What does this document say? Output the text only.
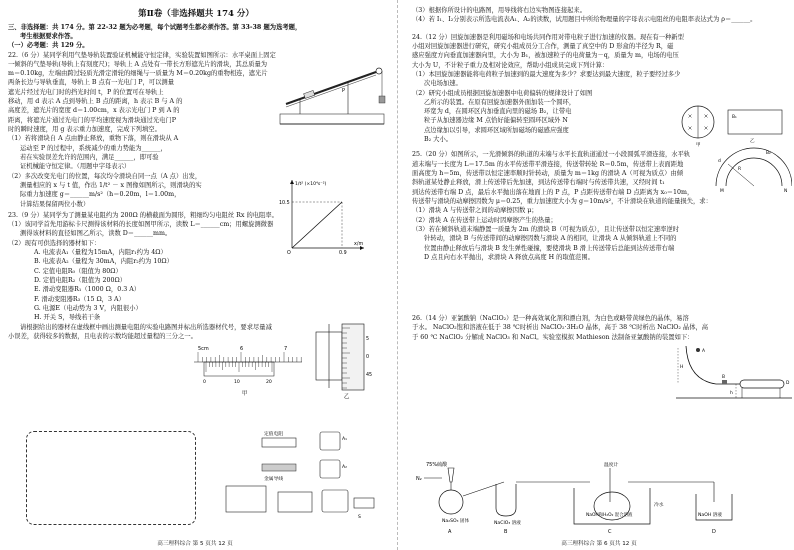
第Ⅱ卷（非选择题共 174 分）

三、非选择题：共 174 分。第 22-32 题为必考题，每个试题考生都必须作答。第 33-38 题为选考题，

考生根据要求作答。

（一）必考题：共 129 分。

22.（6 分）某同学利用气垫导轨装置验证机械能守恒定律，实验装置如图所示：水平桌面上固定

一倾斜的气垫导轨(导轨上有刻度尺)；导轨上 A 点处有一带长方形遮光片的滑块，其总质量为

m＝0.10kg，左端由跨过轻质光滑定滑轮的细绳与一质量为 M＝0.20kg的重物相连，遮光片

两条长边与导轨垂直，导轨上 B 点有一光电门 P，可以测量

遮光片经过光电门时的挡光时间 t，P 的位置可在导轨上

移动，用 d 表示 A 点到导轨上 B 点的距离，h 表示 B 与 A 的

高度差，遮光片的宽度 d＝1.00cm，x 表示光电门 P 到 A 的

距离，将遮光片通过光电门的平均速度视为滑块通过光电门P

时的瞬时速度，用 g 表示重力加速度，完成下列填空。

（1）若将滑块自 A 点由静止释放，重物下落，则在滑块从 A

运动至 P 的过程中，系统减少的重力势能为______，

若在实验误差允许的范围内，满足______，即可验

证机械能守恒定律。（用题中字母表示）

（2）多次改变光电门的位置，每次均令滑块自同一点（A 点）出发，

测量相应的 x 与 t 值，作出 1/t² － x 图像如图所示，则滑块的实

际重力加速度 g＝______m/s²（h＝0.20m，l＝1.00m，

计算结果保留两位小数）

23.（9 分）某同学为了测量某电阻约为 200Ω 的横截面为圆形，粗细均匀电阻丝 Rx 的电阻率。

（1）该同学首先用游标卡尺测得该材料的长度如图甲所示，读数 L＝______cm；用螺旋测微器

测得该材料的直径如图乙所示，读数 D＝______mm。

（2）现有可供选择的器材如下：

A. 电流表A₁（量程为15mA，内阻r₁约为 4Ω）

B. 电流表A₂（量程为 30mA，内阻r₂约为 10Ω）

C. 定值电阻R₀（阻值为 80Ω）

D. 定值电阻R₂（阻值为 200Ω）

E. 滑动变阻器R₁（1000 Ω，0.3 A）

F. 滑动变阻器R₃（15 Ω，3 A）

G. 电源E（电动势为 3 V，内阻很小）

H. 开关 S，导线若干条

请根据给出的器材在虚线框中画出测量电阻的实验电路图并标出所选器材代号，要求尽量减

小误差，获得较多的数据，且电表的示数均能超过量程的三分之一。

P
1/t² (×10⁴s⁻²)
10.5
0.9
x/m
O
5cm	6	7
0	10	20
甲
5
0
45
乙
定值电阻
A₁
A₂
金属导线
S
高三理科综合 第 5 页共 12 页

（3）根据你所设计的电路图，用导线将右边实物图连接起来。

（4）若 I₁、I₂分别表示所选电流表A₁、A₂的读数，试用题目中所给物理量的字母表示电阻丝的电阻率表达式为 ρ＝______。

24.（12 分）回旋加速器是利用磁场和电场共同作用对带电粒子进行加速的仪器。现在有一种新型

小组对回旋加速器进行研究，研究小组成员分工合作，测量了真空中的 D 形盒的半径为 R，磁

感应强度方向垂直加速器向里，大小为 B₁，被加速粒子的电荷量为－q，质量为 m，电场的电压

大小为 U，不计粒子重力及相对论效应，帮助小组成员完成下列计算：

（1）本回旋加速器能将电荷粒子加速到的最大速度为多少？求要达到最大速度，粒子要经过多少

次电场加速。

（2）研究小组成员根据回旋加速器中电荷偏转的规律设计了如图

乙所示的装置。在原有回旋加速器外面加装一个圆环，

环宽为 d，在圆环区内加垂直向里的磁场 B₂，让带电

粒子从加速器边缘 M 点恰好能偏转至圆环区域外 N

点边缘加以引导，求圆环区域所加磁场的磁感应强度

B₂ 大小。

25.（20 分）如图所示，一光滑倾斜的轨道的末端与水平长直轨道通过一小段圆弧平滑连接，水平轨

道末端与一长度为 L＝17.5m 的水平传送带平滑连接，传送带转轮 R＝0.5m，传送带上表面距地

面高度为 h＝5m，传送带以恒定速率顺时针转动，质量为 m＝1kg 的滑块 A（可视为质点）由倾

斜轨道某处静止释放，滑上传送带后先加速，到达传送带右端时与传送带共速，又经时间 t₁

到达传送带右端 D 点，最后水平抛出落在地面上的 P 点，P 点距传送带右端 D 点距离为 x₀＝10m，

传送带与滑块的动摩擦因数为 μ＝0.25，重力加速度大小为 g＝10m/s²，不计滑块在轨道的能量损失，求：

（1）滑块 A 与传送带之间的动摩擦因数 μ；

（2）滑块 A 在传送带上运动时因摩擦产生的热量；

（3）若在倾斜轨道末端静置一质量为 2m 的滑块 B（可视为质点），且让传送带以恒定速率逆时

针转动，滑块 B 与传送带间的动摩擦因数与滑块 A 的相同，让滑块 A 从倾斜轨道上不同的

位置由静止释放后与滑块 B 发生弹性碰撞，要使滑块 B 滑上传送带后总能到达传送带右端

D 点且向右水平抛出，求滑块 A 释放点高度 H 的取值范围。

26.（14 分）亚氯酸钠（NaClO₂）是一种高效氧化剂和漂白剂，为白色或略带黄绿色的晶体，易溶

于水。 NaClO₂饱和溶液在低于 38 ℃时析出 NaClO₂·3H₂O 晶体，高于 38 ℃时析出 NaClO₂ 晶体，高

于 60 ℃ NaClO₂ 分解成 NaClO₃ 和 NaCl。实验室模拟 Mathieson 法制备亚氯酸钠的装置如下：

甲
B₁
R
d
B₂
M	N
乙
H
A
B
D
h
75%硫酸
N₂
Na₂SO₃ 固体
A
NaClO₃ 溶液
B
温度计
冷水
NaOH和H₂O₂ 混合溶液
C
NaOH 溶液
D
高三理科综合 第 6 页共 12 页
